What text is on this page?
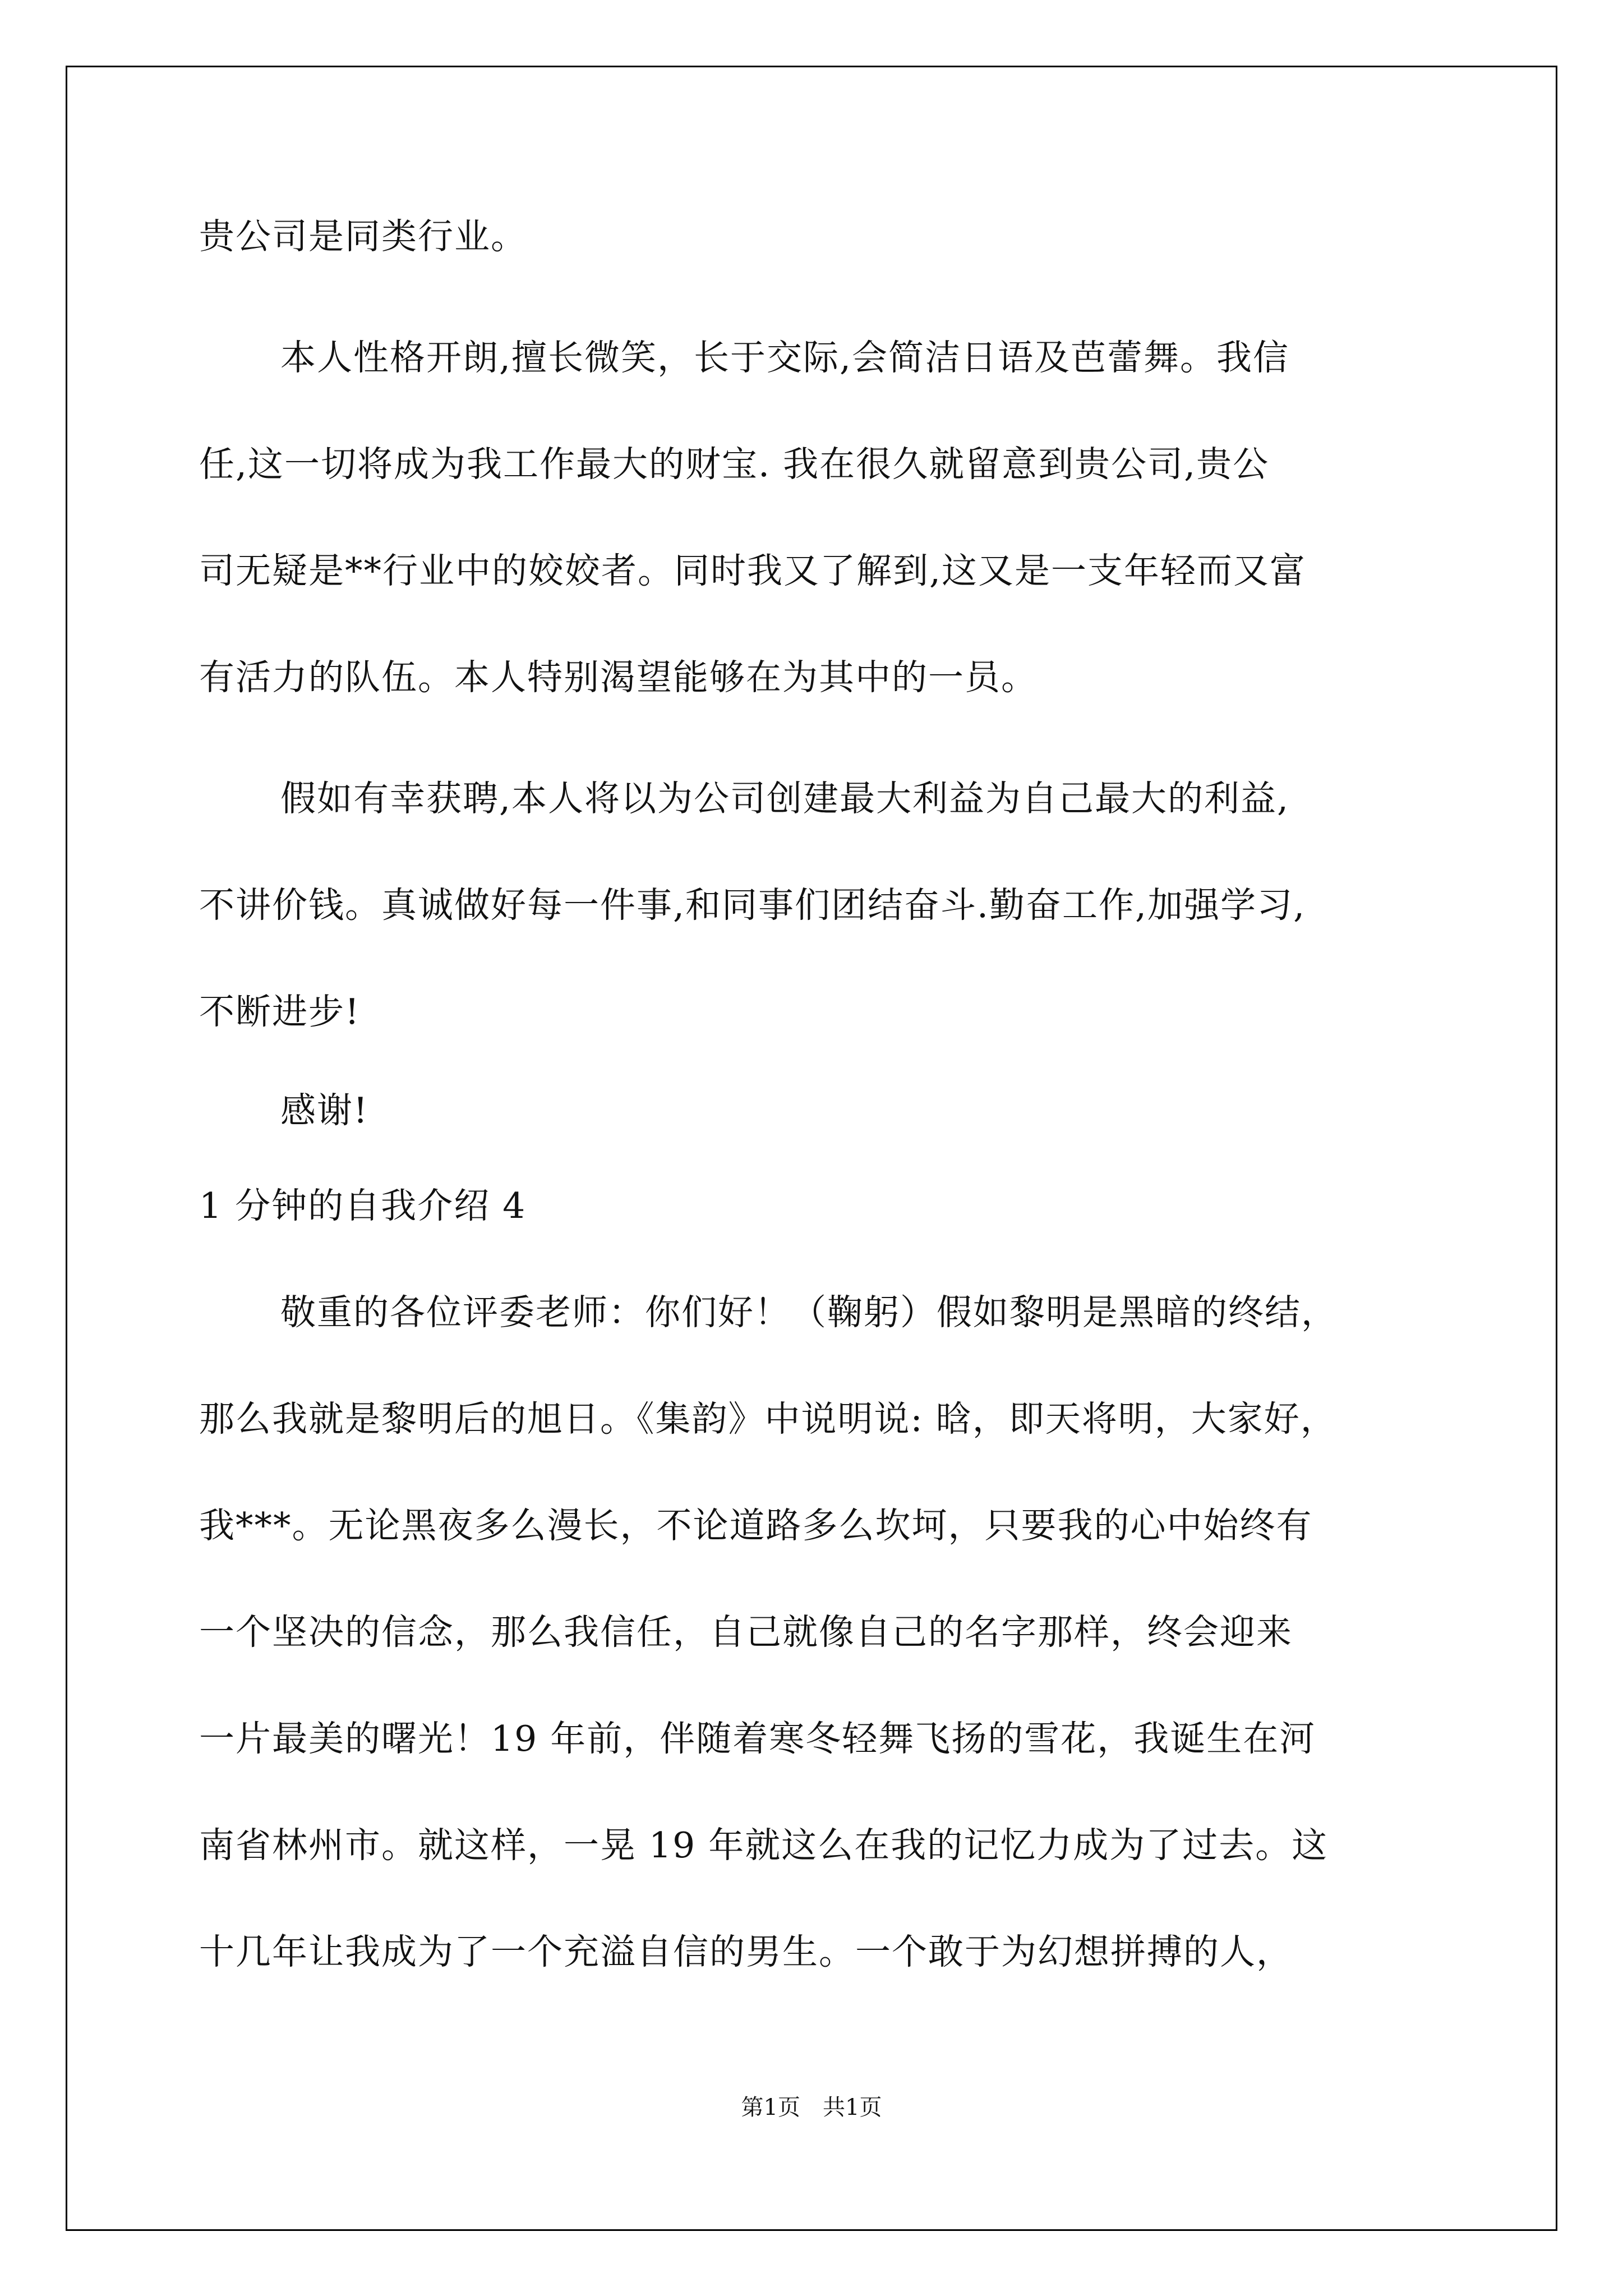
贵公司是同类行业。

本人性格开朗,擅长微笑，长于交际,会简洁日语及芭蕾舞。我信

任,这一切将成为我工作最大的财宝. 我在很久就留意到贵公司,贵公

司无疑是**行业中的姣姣者。同时我又了解到,这又是一支年轻而又富

有活力的队伍。本人特别渴望能够在为其中的一员。

假如有幸获聘,本人将以为公司创建最大利益为自己最大的利益,

不讲价钱。真诚做好每一件事,和同事们团结奋斗.勤奋工作,加强学习,

不断进步!

感谢!

1 分钟的自我介绍 4

敬重的各位评委老师：你们好！（鞠躬）假如黎明是黑暗的终结，

那么我就是黎明后的旭日。《集韵》中说明说: 晗，即天将明，大家好，

我***。无论黑夜多么漫长，不论道路多么坎坷，只要我的心中始终有

一个坚决的信念，那么我信任，自己就像自己的名字那样，终会迎来

一片最美的曙光！19 年前，伴随着寒冬轻舞飞扬的雪花，我诞生在河

南省林州市。就这样，一晃 19 年就这么在我的记忆力成为了过去。这

十几年让我成为了一个充溢自信的男生。一个敢于为幻想拼搏的人，

第1页　共1页
